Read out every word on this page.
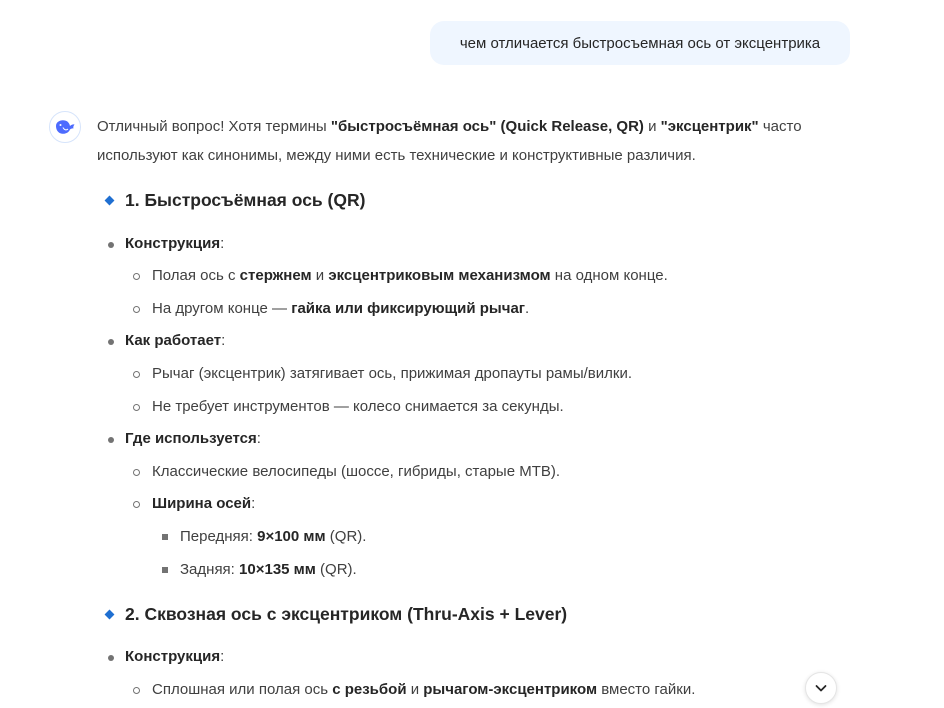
чем отличается быстросъемная ось от эксцентрика

Отличный вопрос! Хотя термины "быстросъёмная ось" (Quick Release, QR) и "эксцентрик" часто используют как синонимы, между ними есть технические и конструктивные различия.

1. Быстросъёмная ось (QR)
Конструкция:
Полая ось с стержнем и эксцентриковым механизмом на одном конце.
На другом конце — гайка или фиксирующий рычаг.
Как работает:
Рычаг (эксцентрик) затягивает ось, прижимая дропауты рамы/вилки.
Не требует инструментов — колесо снимается за секунды.
Где используется:
Классические велосипеды (шоссе, гибриды, старые МТВ).
Ширина осей:
Передняя: 9×100 мм (QR).
Задняя: 10×135 мм (QR).
2. Сквозная ось с эксцентриком (Thru-Axis + Lever)
Конструкция:
Сплошная или полая ось с резьбой и рычагом-эксцентриком вместо гайки.
